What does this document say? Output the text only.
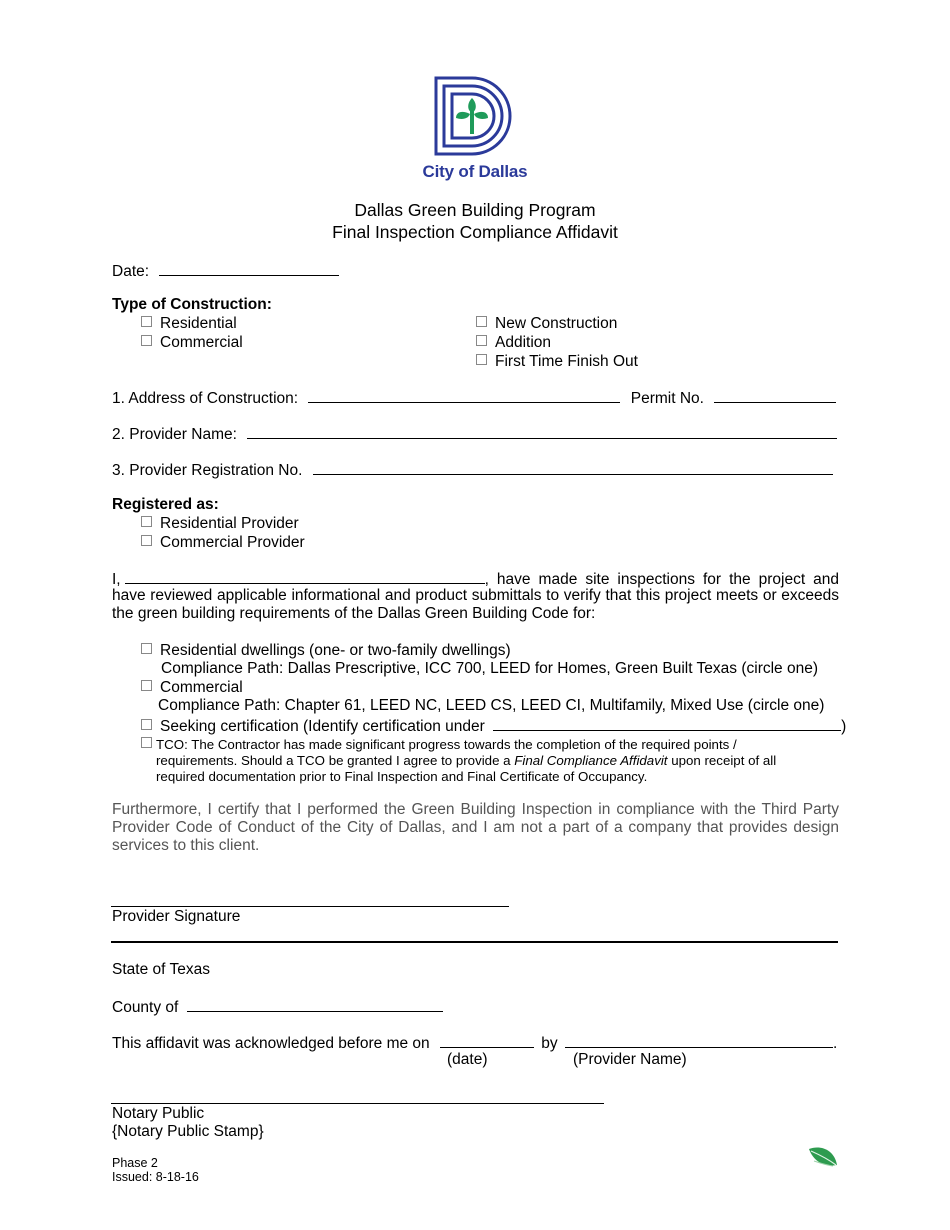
City of Dallas
Dallas Green Building Program
Final Inspection Compliance Affidavit
Date:
Type of Construction:
Residential
Commercial
New Construction
Addition
First Time Finish Out
1. Address of Construction:	Permit No.
2. Provider Name:
3. Provider Registration No.
Registered as:
Residential Provider
Commercial Provider
I,	, have made site inspections for the project and
have reviewed applicable informational and product submittals to verify that this project meets or exceeds the green building requirements of the Dallas Green Building Code for:
Residential dwellings (one- or two-family dwellings)
Compliance Path: Dallas Prescriptive, ICC 700, LEED for Homes, Green Built Texas (circle one)
Commercial
Compliance Path: Chapter 61, LEED NC, LEED CS, LEED CI, Multifamily, Mixed Use (circle one)
Seeking certification (Identify certification under	)
TCO: The Contractor has made significant progress towards the completion of the required points /
requirements. Should a TCO be granted I agree to provide a Final Compliance Affidavit upon receipt of all
required documentation prior to Final Inspection and Final Certificate of Occupancy.
Furthermore, I certify that I performed the Green Building Inspection in compliance with the Third Party Provider Code of Conduct of the City of Dallas, and I am not a part of a company that provides design services to this client.
Provider Signature
State of Texas
County of
This affidavit was acknowledged before me on	by	.
(date)	(Provider Name)
Notary Public
{Notary Public Stamp}
Phase 2
Issued: 8-18-16
